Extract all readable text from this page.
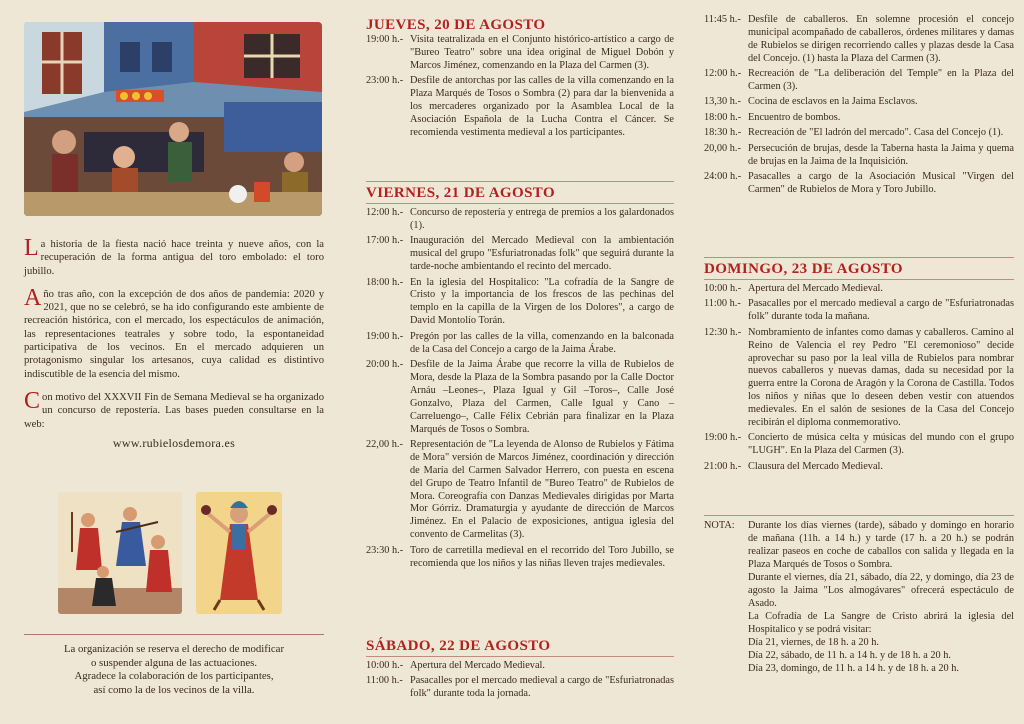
La historia de la fiesta nació hace treinta y nueve años, con la recuperación de la forma antigua del toro embolado: el toro jubillo.

Año tras año, con la excepción de dos años de pandemia: 2020 y 2021, que no se celebró, se ha ido configurando este ambiente de recreación histórica, con el mercado, los espectáculos de animación, las representaciones teatrales y sobre todo, la espontaneidad participativa de los vecinos. En el mercado adquieren un protagonismo singular los artesanos, cuya calidad es distintivo indiscutible de la esencia del mismo.

Con motivo del XXXVII Fin de Semana Medieval se ha organizado un concurso de repostería. Las bases pueden consultarse en la web:

www.rubielosdemora.es
La organización se reserva el derecho de modificar
o suspender alguna de las actuaciones.
Agradece la colaboración de los participantes,
así como la de los vecinos de la villa.
JUEVES, 20 DE AGOSTO
19:00 h.- Visita teatralizada en el Conjunto histórico-artístico a cargo de "Bureo Teatro" sobre una idea original de Miguel Dobón y Marcos Jiménez, comenzando en la Plaza del Carmen (3).
23:00 h.- Desfile de antorchas por las calles de la villa comenzando en la Plaza Marqués de Tosos o Sombra (2) para dar la bienvenida a los mercaderes organizado por la Asamblea Local de la Asociación Española de la Lucha Contra el Cáncer. Se recomienda vestimenta medieval a los participantes.
VIERNES, 21 DE AGOSTO
12:00 h.- Concurso de repostería y entrega de premios a los galardonados (1).
17:00 h.- Inauguración del Mercado Medieval con la ambientación musical del grupo "Esfuriatronadas folk" que seguirá durante la tarde-noche ambientando el recinto del mercado.
18:00 h.- En la iglesia del Hospitalico: "La cofradía de la Sangre de Cristo y la importancia de los frescos de las pechinas del templo en la capilla de la Virgen de los Dolores", a cargo de David Montolío Torán.
19:00 h.- Pregón por las calles de la villa, comenzando en la balconada de la Casa del Concejo a cargo de la Jaima Árabe.
20:00 h.- Desfile de la Jaima Árabe que recorre la villa de Rubielos de Mora, desde la Plaza de la Sombra pasando por la Calle Doctor Arnáu –Leones–, Plaza Igual y Gil –Toros–, Calle José Gonzalvo, Plaza del Carmen, Calle Igual y Cano – Carreluengo–, Calle Félix Cebrián para finalizar en la Plaza Marqués de Tosos o Sombra.
22,00 h.- Representación de "La leyenda de Alonso de Rubielos y Fátima de Mora" versión de Marcos Jiménez, coordinación y dirección de María del Carmen Salvador Herrero, con puesta en escena del Grupo de Teatro Infantil de "Bureo Teatro" de Rubielos de Mora. Coreografía con Danzas Medievales dirigidas por Marta Mor Górriz. Dramaturgia y ayudante de dirección de Marcos Jiménez. En el Palacio de exposiciones, antigua iglesia del convento de Carmelitas (3).
23:30 h.- Toro de carretilla medieval en el recorrido del Toro Jubillo, se recomienda que los niños y las niñas lleven trajes medievales.
SÁBADO, 22 DE AGOSTO
10:00 h.- Apertura del Mercado Medieval.
11:00 h.- Pasacalles por el mercado medieval a cargo de "Esfuriatronadas folk" durante toda la jornada.
11:45 h.- Desfile de caballeros. En solemne procesión el concejo municipal acompañado de caballeros, órdenes militares y damas de Rubielos se dirigen recorriendo calles y plazas desde la Casa del Concejo. (1) hasta la Plaza del Carmen (3).
12:00 h.- Recreación de "La deliberación del Temple" en la Plaza del Carmen (3).
13,30 h.- Cocina de esclavos en la Jaima Esclavos.
18:00 h.- Encuentro de bombos.
18:30 h.- Recreación de "El ladrón del mercado". Casa del Concejo (1).
20,00 h.- Persecución de brujas, desde la Taberna hasta la Jaima y quema de brujas en la Jaima de la Inquisición.
24:00 h.- Pasacalles a cargo de la Asociación Musical "Virgen del Carmen" de Rubielos de Mora y Toro Jubillo.
DOMINGO, 23 DE AGOSTO
10:00 h.- Apertura del Mercado Medieval.
11:00 h.- Pasacalles por el mercado medieval a cargo de "Esfuriatronadas folk" durante toda la mañana.
12:30 h.- Nombramiento de infantes como damas y caballeros. Camino al Reino de Valencia el rey Pedro "El ceremonioso" decide aprovechar su paso por la leal villa de Rubielos para nombrar nuevos caballeros y nuevas damas, dada su necesidad por la guerra entre la Corona de Aragón y la Corona de Castilla. Todos los niños y niñas que lo deseen deben vestir con atuendos medievales. En el salón de sesiones de la Casa del Concejo recibirán el diploma conmemorativo.
19:00 h.- Concierto de música celta y músicas del mundo con el grupo "LUGH". En la Plaza del Carmen (3).
21:00 h.- Clausura del Mercado Medieval.
NOTA:	Durante los días viernes (tarde), sábado y domingo en horario de mañana (11h. a 14 h.) y tarde (17 h. a 20 h.) se podrán realizar paseos en coche de caballos con salida y llegada en la Plaza Marqués de Tosos o Sombra.

Durante el viernes, día 21, sábado, día 22, y domingo, día 23 de agosto la Jaima "Los almogávares" ofrecerá espectáculo de Asado.

La Cofradía de La Sangre de Cristo abrirá la iglesia del Hospitalico y se podrá visitar:

Día 21, viernes, de 18 h. a 20 h.

Día 22, sábado, de 11 h. a 14 h. y de 18 h. a 20 h.

Día 23, domingo, de 11 h. a 14 h. y de 18 h. a 20 h.
